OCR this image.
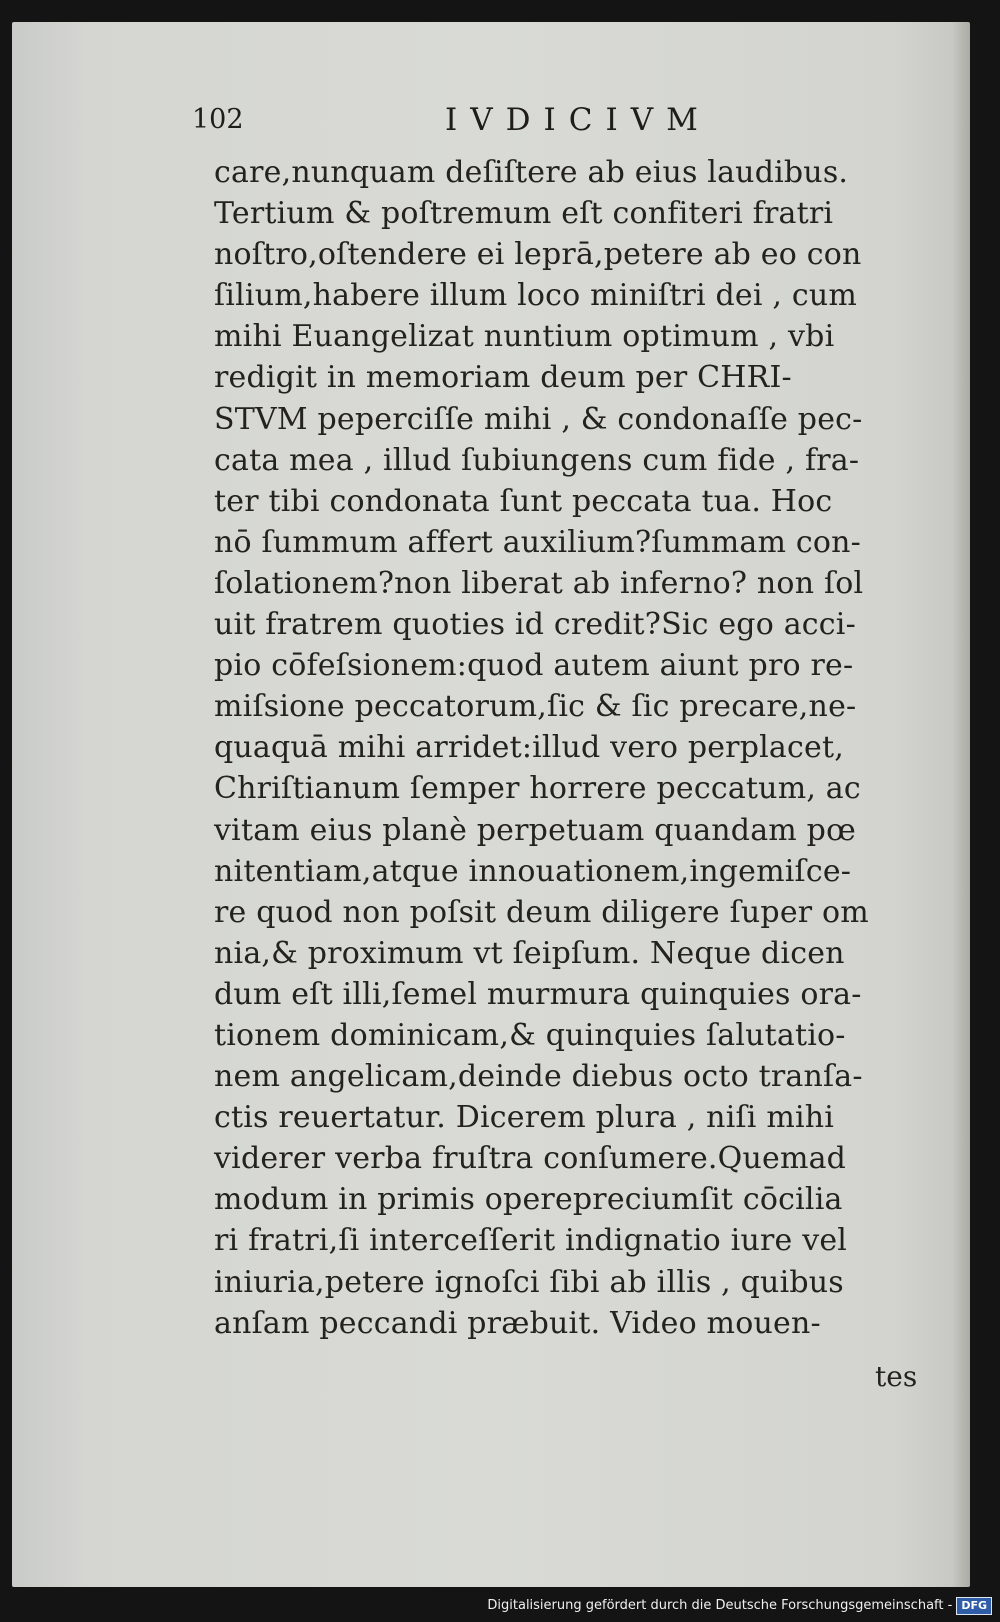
102	IVDICIVM
care,nunquam deſiſtere ab eius laudibus.
Tertium & poſtremum eſt confiteri fratri
noſtro,oſtendere ei leprā,petere ab eo con
ſilium,habere illum loco miniſtri dei , cum
mihi Euangelizat nuntium optimum , vbi
redigit in memoriam deum per CHRI-
STVM peperciſſe mihi , & condonaſſe pec-
cata mea , illud ſubiungens cum fide , fra-
ter tibi condonata ſunt peccata tua. Hoc
nō ſummum affert auxilium?ſummam con-
ſolationem?non liberat ab inferno? non ſol
uit fratrem quoties id credit?Sic ego acci-
pio cōfeſsionem:quod autem aiunt pro re-
miſsione peccatorum,ſic & ſic precare,ne-
quaquā mihi arridet:illud vero perplacet,
Chriſtianum ſemper horrere peccatum, ac
vitam eius planè perpetuam quandam pœ
nitentiam,atque innouationem,ingemiſce-
re quod non poſsit deum diligere ſuper om
nia,& proximum vt ſeipſum. Neque dicen
dum eſt illi,ſemel murmura quinquies ora-
tionem dominicam,& quinquies ſalutatio-
nem angelicam,deinde diebus octo tranſa-
ctis reuertatur. Dicerem plura , niſi mihi
viderer verba fruſtra conſumere.Quemad
modum in primis operepreciumſit cōcilia
ri fratri,ſi interceſſerit indignatio iure vel
iniuria,petere ignoſci ſibi ab illis , quibus
anſam peccandi præbuit. Video mouen-
tes
Digitalisierung gefördert durch die Deutsche Forschungsgemeinschaft - DFG
